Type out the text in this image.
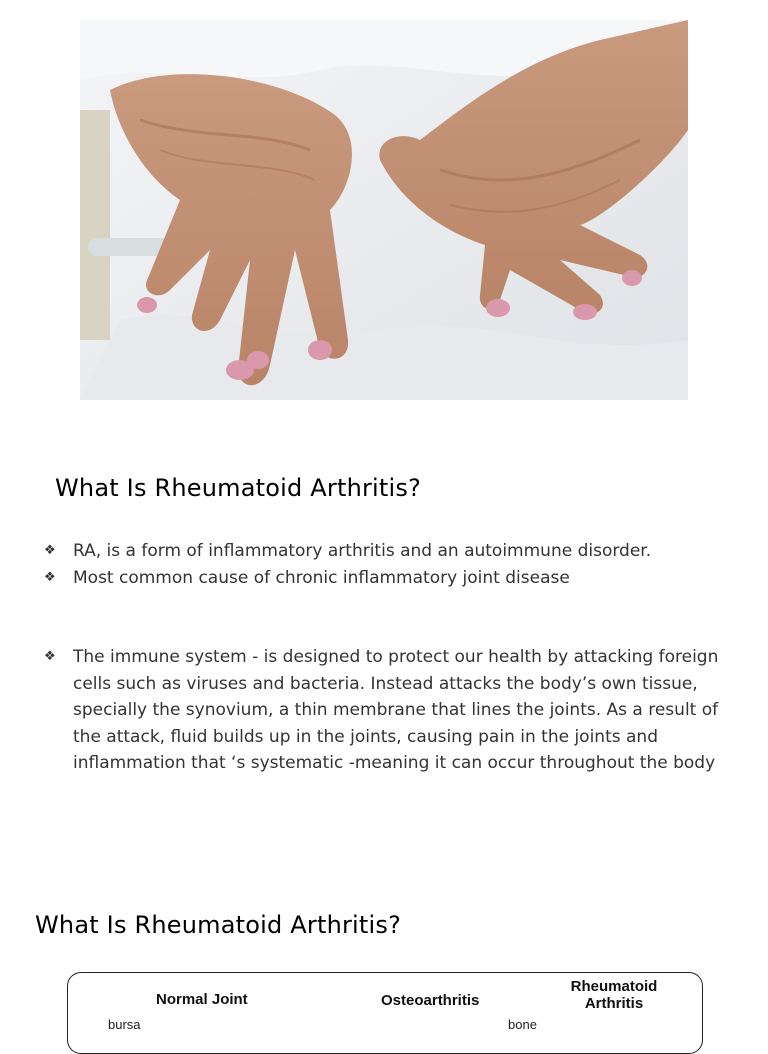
What Is Rheumatoid Arthritis?
❖ RA, is a form of inflammatory arthritis and an autoimmune disorder.
❖ Most common cause of chronic inflammatory joint disease
❖ The immune system - is designed to protect our health by attacking foreign cells such as viruses and bacteria. Instead attacks the body’s own tissue, specially the synovium, a thin membrane that lines the joints. As a result of the attack, fluid builds up in the joints, causing pain in the joints and inflammation that ‘s systematic -meaning it can occur throughout the body
What Is Rheumatoid Arthritis?
Normal Joint	Osteoarthritis
Rheumatoid Arthritis
bursa	bone
